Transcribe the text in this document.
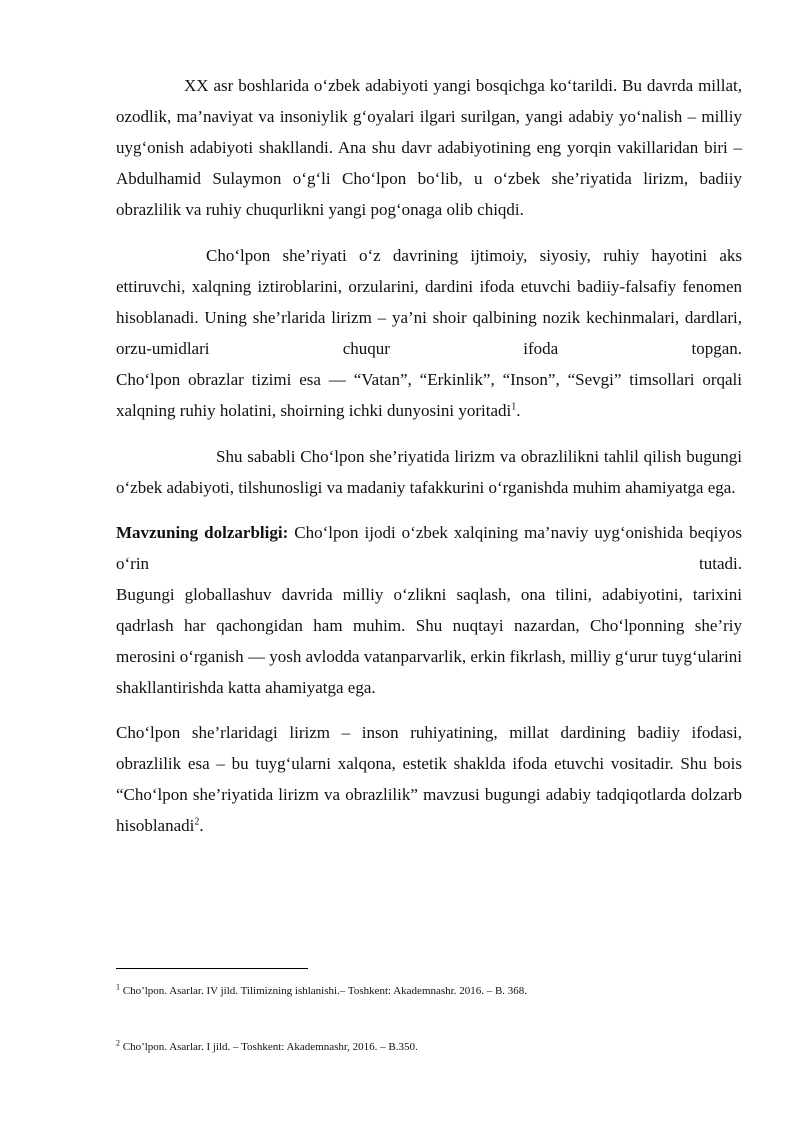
XX asr boshlarida o‘zbek adabiyoti yangi bosqichga ko‘tarildi. Bu davrda millat, ozodlik, ma’naviyat va insoniylik g‘oyalari ilgari surilgan, yangi adabiy yo‘nalish – milliy uyg‘onish adabiyoti shakllandi. Ana shu davr adabiyotining eng yorqin vakillaridan biri – Abdulhamid Sulaymon o‘g‘li Cho‘lpon bo‘lib, u o‘zbek she’riyatida lirizm, badiiy obrazlilik va ruhiy chuqurlikni yangi pog‘onaga olib chiqdi.

Cho‘lpon she’riyati o‘z davrining ijtimoiy, siyosiy, ruhiy hayotini aks ettiruvchi, xalqning iztiroblarini, orzularini, dardini ifoda etuvchi badiiy-falsafiy fenomen hisoblanadi. Uning she’rlarida lirizm – ya’ni shoir qalbining nozik kechinmalari, dardlari, orzu-umidlari chuqur ifoda topgan.
Cho‘lpon obrazlar tizimi esa — “Vatan”, “Erkinlik”, “Inson”, “Sevgi” timsollari orqali xalqning ruhiy holatini, shoirning ichki dunyosini yoritadi$^1$.

Shu sababli Cho‘lpon she’riyatida lirizm va obrazlilikni tahlil qilish bugungi o‘zbek adabiyoti, tilshunosligi va madaniy tafakkurini o‘rganishda muhim ahamiyatga ega.

Mavzuning dolzarbligi: Cho‘lpon ijodi o‘zbek xalqining ma’naviy uyg‘onishida beqiyos o‘rin tutadi.
Bugungi globallashuv davrida milliy o‘zlikni saqlash, ona tilini, adabiyotini, tarixini qadrlash har qachongidan ham muhim. Shu nuqtayi nazardan, Cho‘lponning she’riy merosini o‘rganish — yosh avlodda vatanparvarlik, erkin fikrlash, milliy g‘urur tuyg‘ularini shakllantirishda katta ahamiyatga ega.

Cho‘lpon she’rlaridagi lirizm – inson ruhiyatining, millat dardining badiiy ifodasi, obrazlilik esa – bu tuyg‘ularni xalqona, estetik shaklda ifoda etuvchi vositadir. Shu bois “Cho‘lpon she’riyatida lirizm va obrazlilik” mavzusi bugungi adabiy tadqiqotlarda dolzarb hisoblanadi$^2$.

$^1$ Cho’lpon. Asarlar. IV jild. Tilimizning ishlanishi.– Toshkent: Akademnashr. 2016. – B. 368.
$^2$ Cho’lpon. Asarlar. I jild. – Toshkent: Akademnashr, 2016. – B.350.
